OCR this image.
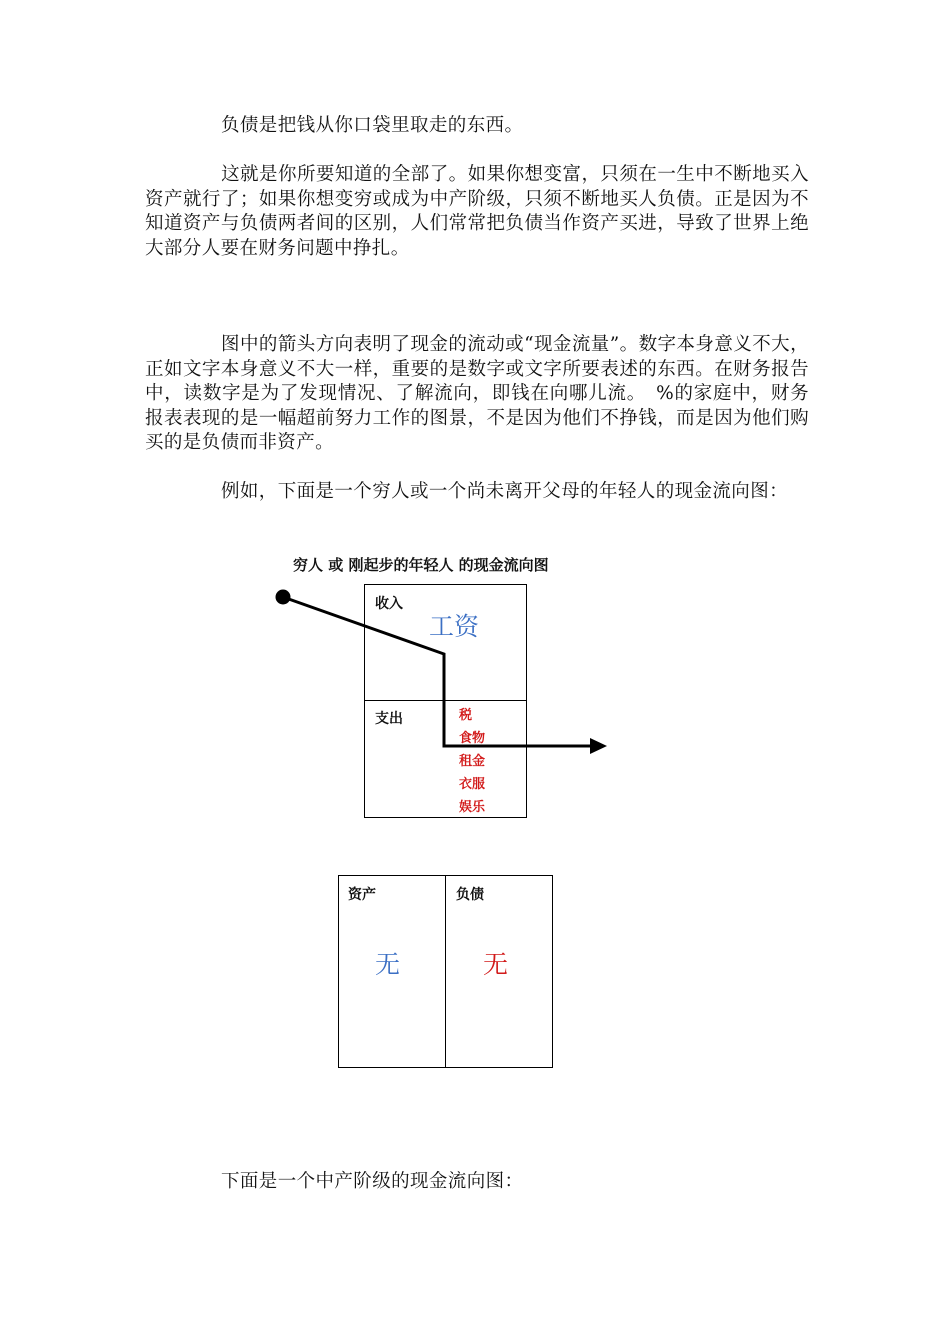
负债是把钱从你口袋里取走的东西。

这就是你所要知道的全部了。如果你想变富，只须在一生中不断地买入资产就行了；如果你想变穷或成为中产阶级，只须不断地买人负债。正是因为不知道资产与负债两者间的区别，人们常常把负债当作资产买进，导致了世界上绝大部分人要在财务问题中挣扎。

图中的箭头方向表明了现金的流动或“现金流量”。数字本身意义不大，正如文字本身意义不大一样，重要的是数字或文字所要表述的东西。在财务报告中，读数字是为了发现情况、了解流向，即钱在向哪儿流。　%的家庭中，财务报表表现的是一幅超前努力工作的图景，不是因为他们不挣钱，而是因为他们购买的是负债而非资产。

例如，下面是一个穷人或一个尚未离开父母的年轻人的现金流向图：

穷人 或 刚起步的年轻人 的现金流向图
收入
工资
支出	税
食物
租金
衣服
娱乐
资产
无
负债
无

下面是一个中产阶级的现金流向图：
